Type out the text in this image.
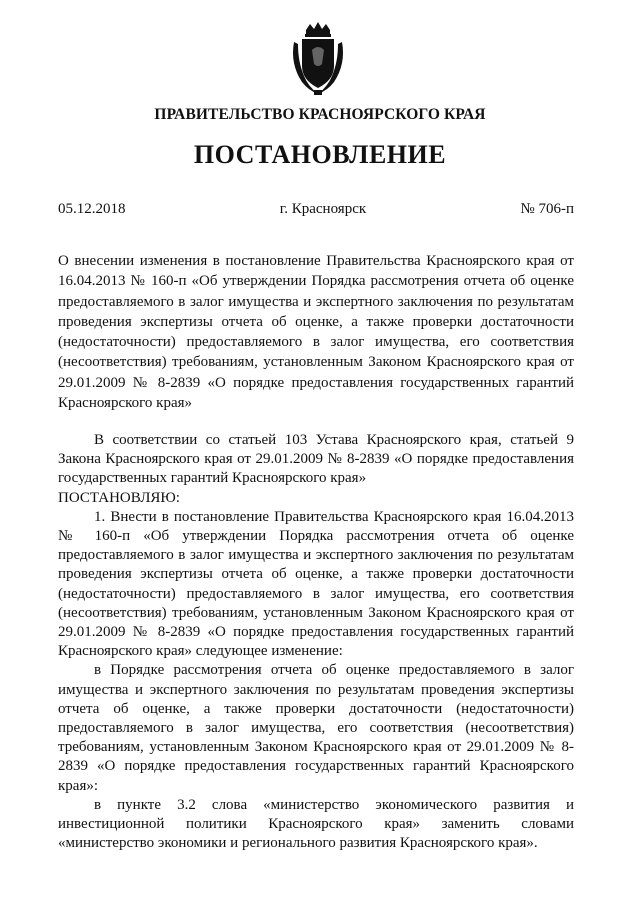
ПРАВИТЕЛЬСТВО КРАСНОЯРСКОГО КРАЯ
ПОСТАНОВЛЕНИЕ
05.12.2018	г. Красноярск	№ 706-п
О внесении изменения в постановление Правительства Красноярского края от 16.04.2013 № 160-п «Об утверждении Порядка рассмотрения отчета об оценке предоставляемого в залог имущества и экспертного заключения по результатам проведения экспертизы отчета об оценке, а также проверки достаточности (недостаточности) предоставляемого в залог имущества, его соответствия (несоответствия) требованиям, установленным Законом Красноярского края от 29.01.2009 № 8-2839 «О порядке предоставления государственных гарантий Красноярского края»

В соответствии со статьей 103 Устава Красноярского края, статьей 9 Закона Красноярского края от 29.01.2009 № 8-2839 «О порядке предоставления государственных гарантий Красноярского края»

ПОСТАНОВЛЯЮ:

1. Внести в постановление Правительства Красноярского края 16.04.2013 № 160-п «Об утверждении Порядка рассмотрения отчета об оценке предоставляемого в залог имущества и экспертного заключения по результатам проведения экспертизы отчета об оценке, а также проверки достаточности (недостаточности) предоставляемого в залог имущества, его соответствия (несоответствия) требованиям, установленным Законом Красноярского края от 29.01.2009 № 8-2839 «О порядке предоставления государственных гарантий Красноярского края» следующее изменение:

в Порядке рассмотрения отчета об оценке предоставляемого в залог имущества и экспертного заключения по результатам проведения экспертизы отчета об оценке, а также проверки достаточности (недостаточности) предоставляемого в залог имущества, его соответствия (несоответствия) требованиям, установленным Законом Красноярского края от 29.01.2009 № 8-2839 «О порядке предоставления государственных гарантий Красноярского края»:

в пункте 3.2 слова «министерство экономического развития и инвестиционной политики Красноярского края» заменить словами «министерство экономики и регионального развития Красноярского края».
